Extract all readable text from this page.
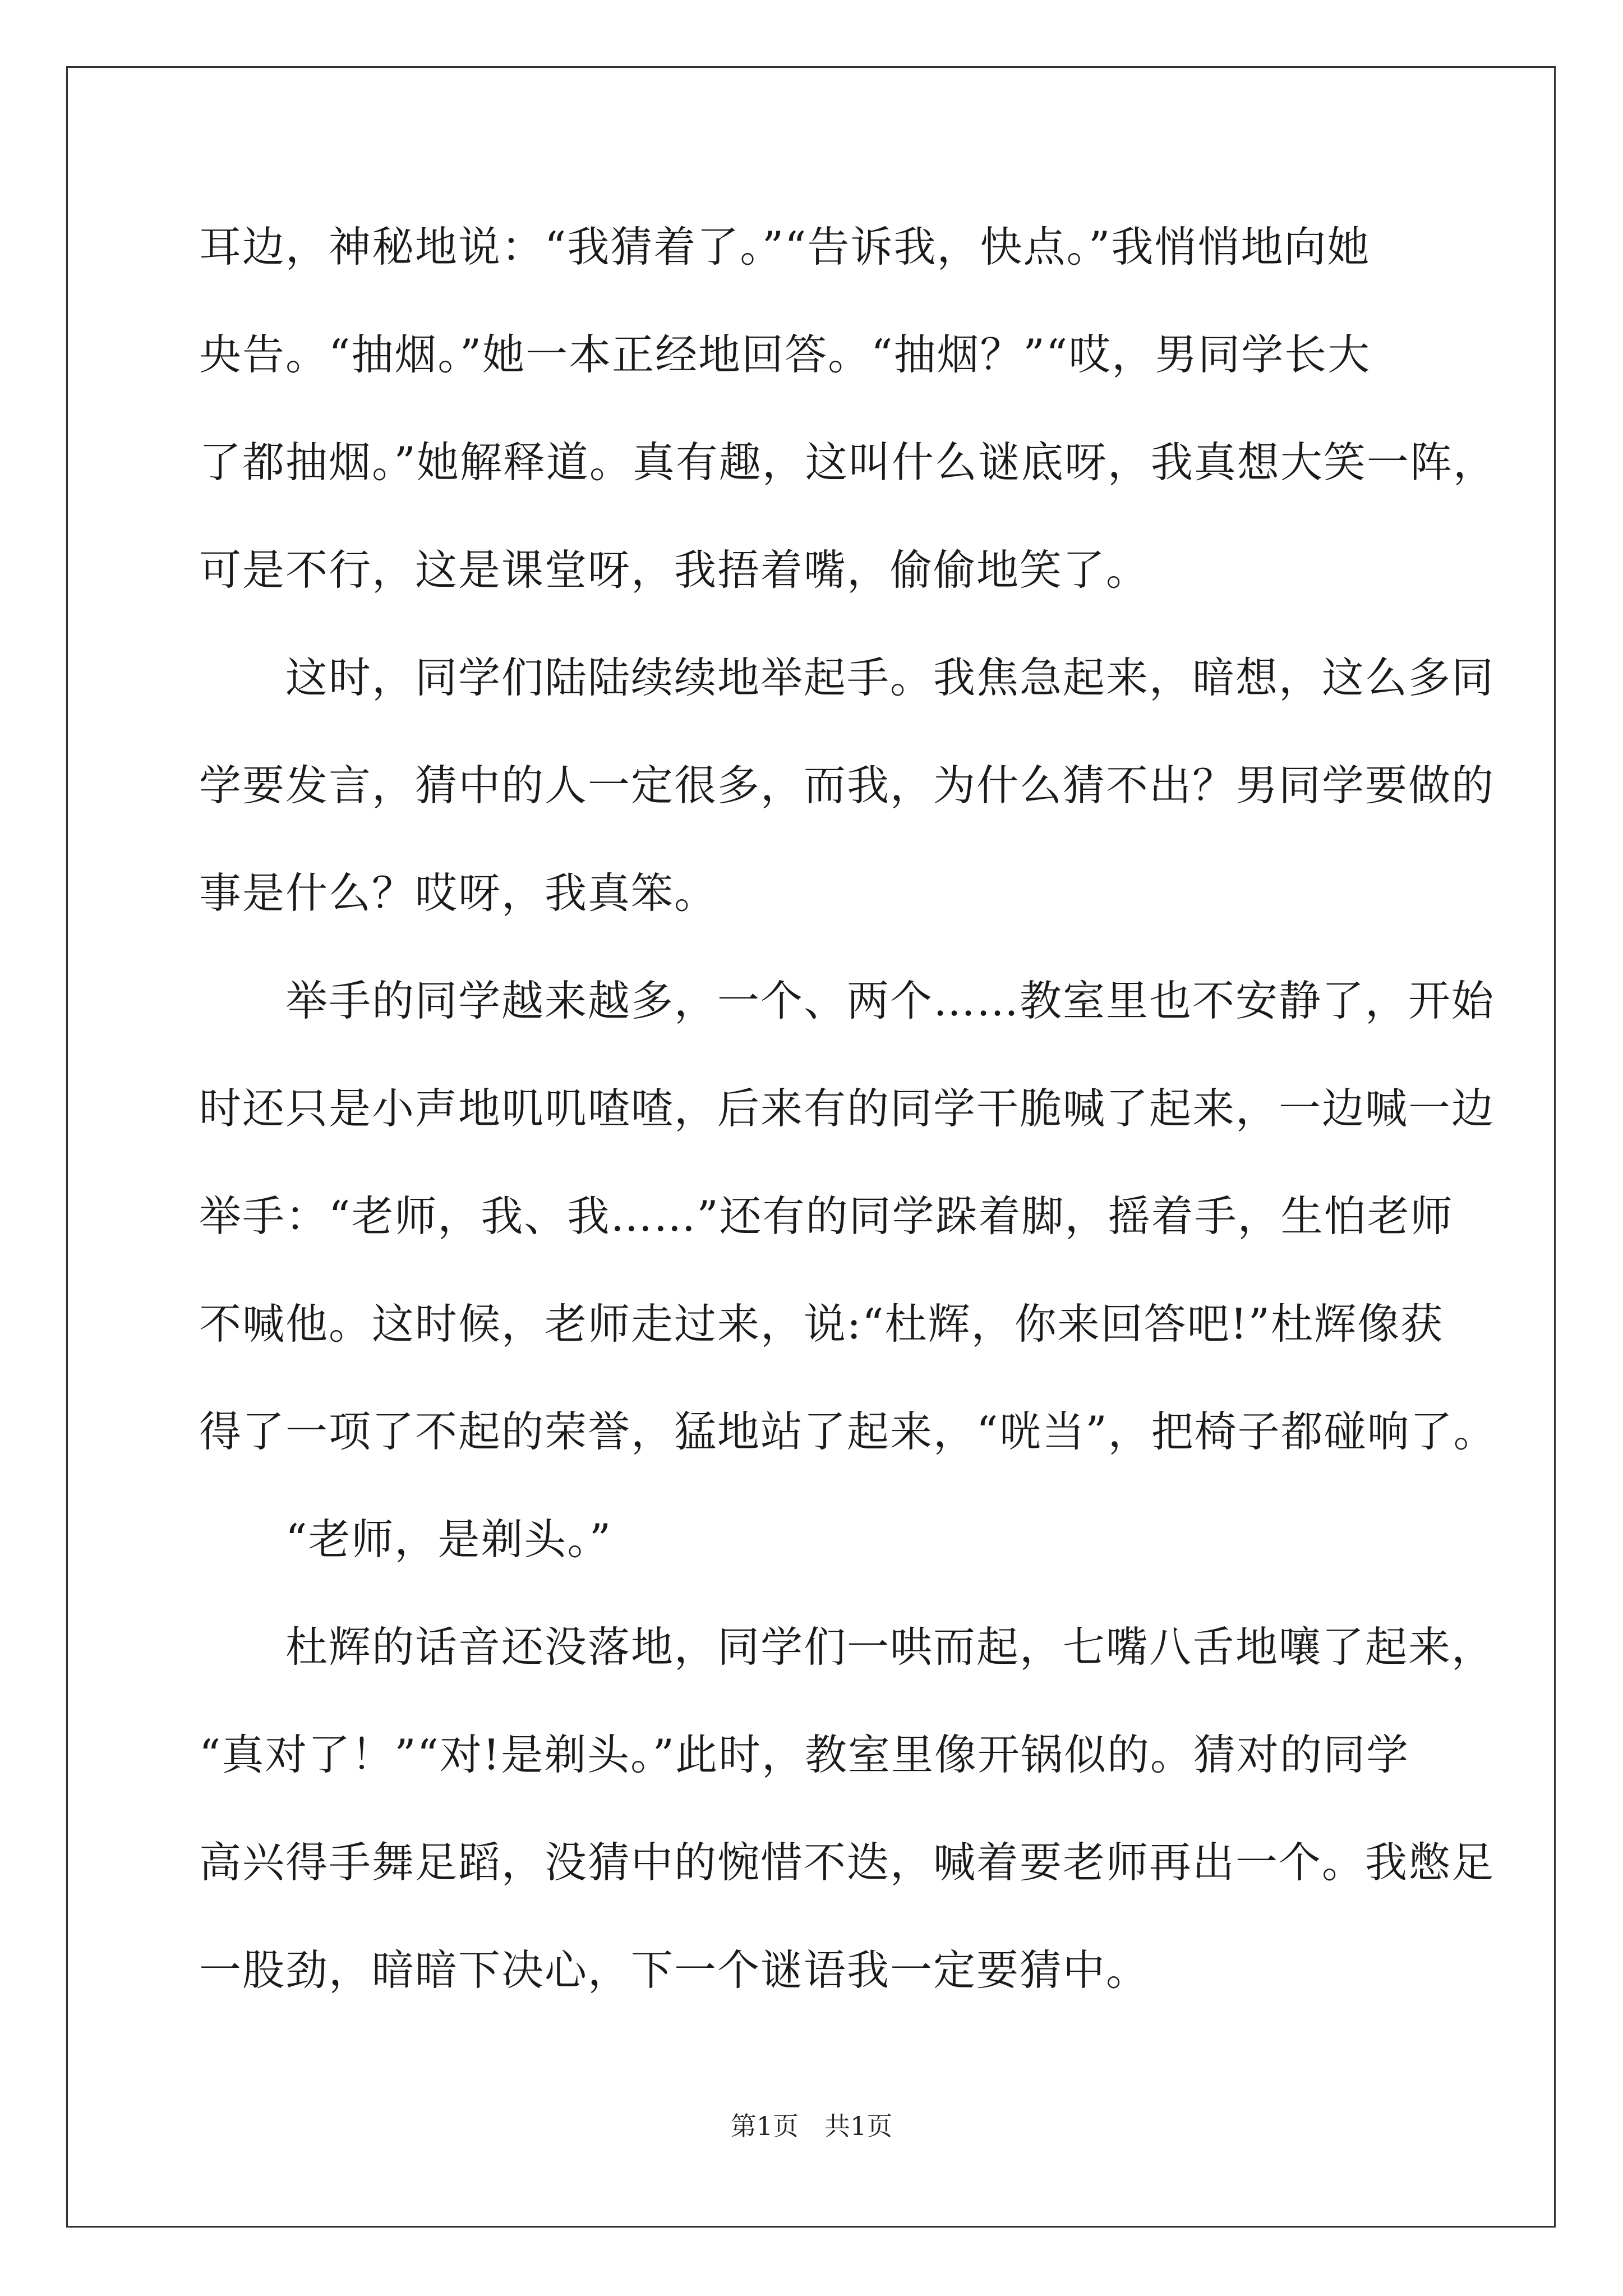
耳边，神秘地说：“我猜着了。”“告诉我，快点。”我悄悄地向她
央告。“抽烟。”她一本正经地回答。“抽烟？”“哎，男同学长大
了都抽烟。”她解释道。真有趣，这叫什么谜底呀，我真想大笑一阵，
可是不行，这是课堂呀，我捂着嘴，偷偷地笑了。
　　这时，同学们陆陆续续地举起手。我焦急起来，暗想，这么多同
学要发言，猜中的人一定很多，而我，为什么猜不出？男同学要做的
事是什么？哎呀，我真笨。
　　举手的同学越来越多，一个、两个……教室里也不安静了，开始
时还只是小声地叽叽喳喳，后来有的同学干脆喊了起来，一边喊一边
举手：“老师，我、我……”还有的同学跺着脚，摇着手，生怕老师
不喊他。这时候，老师走过来，说:“杜辉，你来回答吧!”杜辉像获
得了一项了不起的荣誉，猛地站了起来，“咣当”，把椅子都碰响了。
　　“老师，是剃头。”
　　杜辉的话音还没落地，同学们一哄而起，七嘴八舌地嚷了起来，
“真对了！”“对!是剃头。”此时，教室里像开锅似的。猜对的同学
高兴得手舞足蹈，没猜中的惋惜不迭，喊着要老师再出一个。我憋足
一股劲，暗暗下决心，下一个谜语我一定要猜中。
第1页　共1页
